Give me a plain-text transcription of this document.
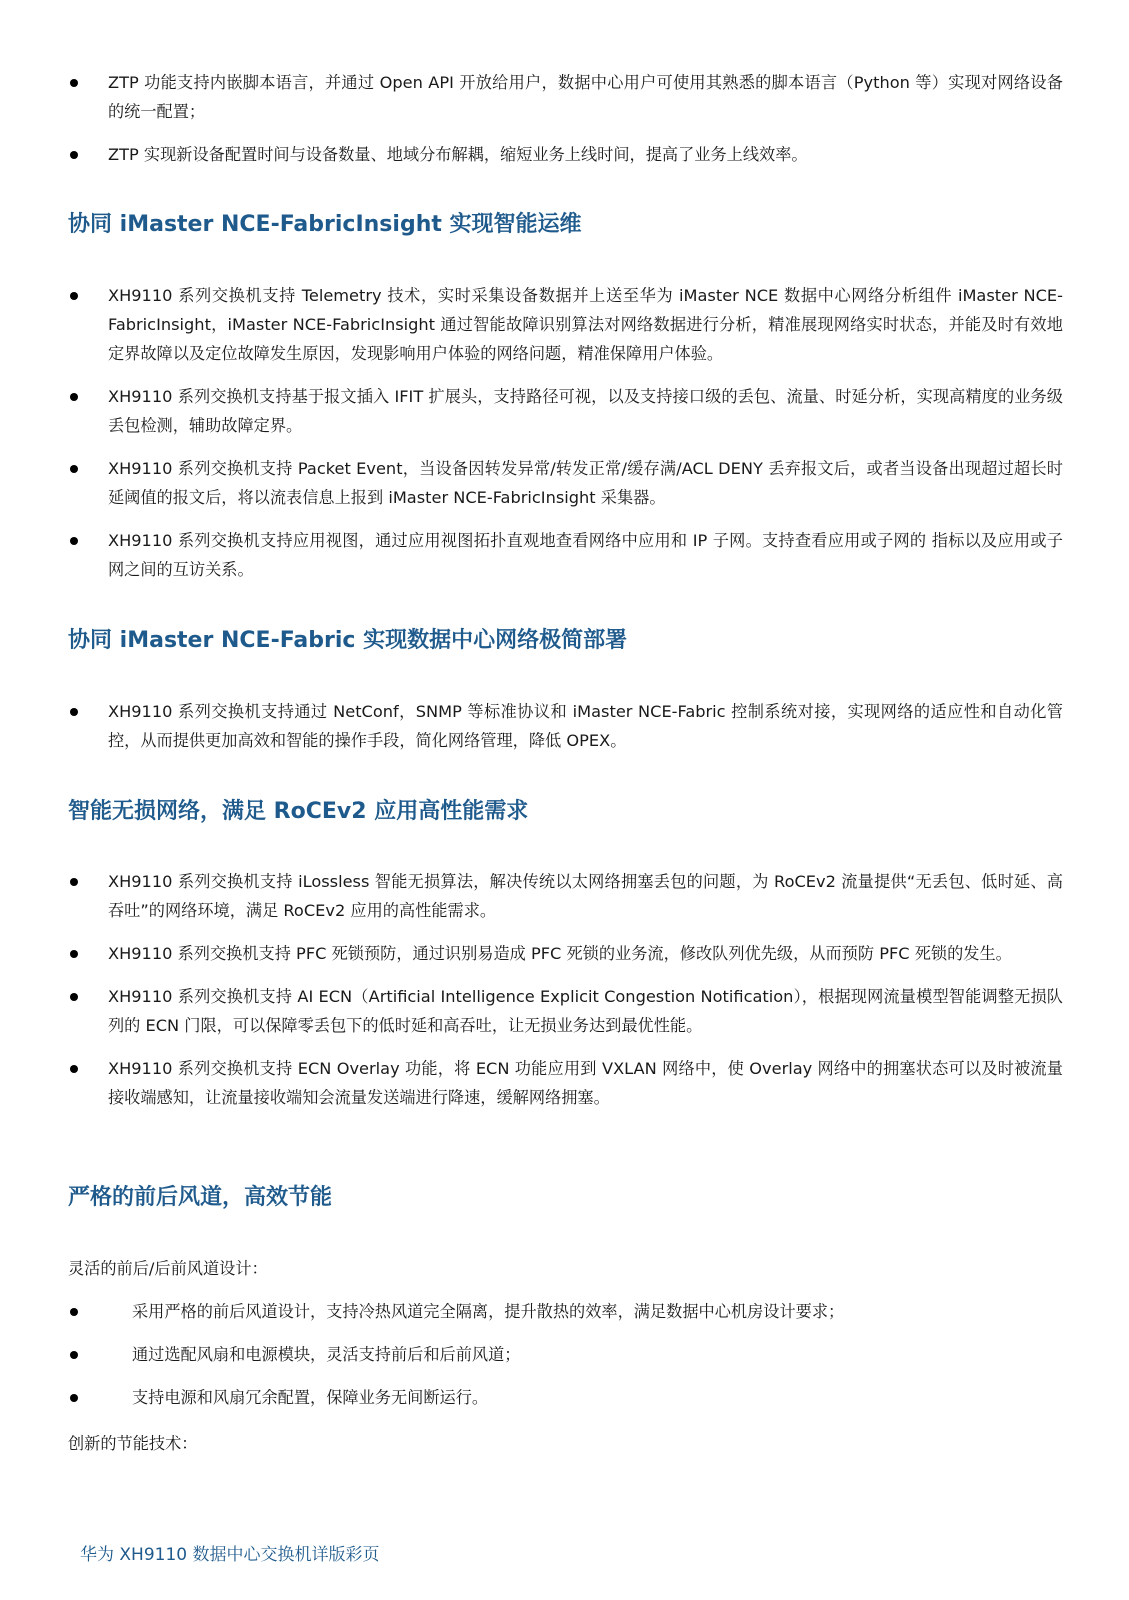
ZTP 功能支持内嵌脚本语言，并通过 Open API 开放给用户，数据中心用户可使用其熟悉的脚本语言（Python 等）实现对网络设备的统一配置；
ZTP 实现新设备配置时间与设备数量、地域分布解耦，缩短业务上线时间，提高了业务上线效率。
协同 iMaster NCE-FabricInsight 实现智能运维
XH9110 系列交换机支持 Telemetry 技术，实时采集设备数据并上送至华为 iMaster NCE 数据中心网络分析组件 iMaster NCE-FabricInsight，iMaster NCE-FabricInsight 通过智能故障识别算法对网络数据进行分析，精准展现网络实时状态，并能及时有效地定界故障以及定位故障发生原因，发现影响用户体验的网络问题，精准保障用户体验。
XH9110 系列交换机支持基于报文插入 IFIT 扩展头，支持路径可视，以及支持接口级的丢包、流量、时延分析，实现高精度的业务级丢包检测，辅助故障定界。
XH9110 系列交换机支持 Packet Event，当设备因转发异常/转发正常/缓存满/ACL DENY 丢弃报文后，或者当设备出现超过超长时延阈值的报文后，将以流表信息上报到 iMaster NCE-FabricInsight 采集器。
XH9110 系列交换机支持应用视图，通过应用视图拓扑直观地查看网络中应用和 IP 子网。支持查看应用或子网的 指标以及应用或子网之间的互访关系。
协同 iMaster NCE-Fabric 实现数据中心网络极简部署
XH9110 系列交换机支持通过 NetConf，SNMP 等标准协议和 iMaster NCE-Fabric 控制系统对接，实现网络的适应性和自动化管控，从而提供更加高效和智能的操作手段，简化网络管理，降低 OPEX。
智能无损网络，满足 RoCEv2 应用高性能需求
XH9110 系列交换机支持 iLossless 智能无损算法，解决传统以太网络拥塞丢包的问题，为 RoCEv2 流量提供“无丢包、低时延、高吞吐”的网络环境，满足 RoCEv2 应用的高性能需求。
XH9110 系列交换机支持 PFC 死锁预防，通过识别易造成 PFC 死锁的业务流，修改队列优先级，从而预防 PFC 死锁的发生。
XH9110 系列交换机支持 AI ECN（Artificial Intelligence Explicit Congestion Notification），根据现网流量模型智能调整无损队列的 ECN 门限，可以保障零丢包下的低时延和高吞吐，让无损业务达到最优性能。
XH9110 系列交换机支持 ECN Overlay 功能，将 ECN 功能应用到 VXLAN 网络中，使 Overlay 网络中的拥塞状态可以及时被流量接收端感知，让流量接收端知会流量发送端进行降速，缓解网络拥塞。
严格的前后风道，高效节能
灵活的前后/后前风道设计：
采用严格的前后风道设计，支持冷热风道完全隔离，提升散热的效率，满足数据中心机房设计要求；
通过选配风扇和电源模块，灵活支持前后和后前风道；
支持电源和风扇冗余配置，保障业务无间断运行。
创新的节能技术：
华为 XH9110 数据中心交换机详版彩页
